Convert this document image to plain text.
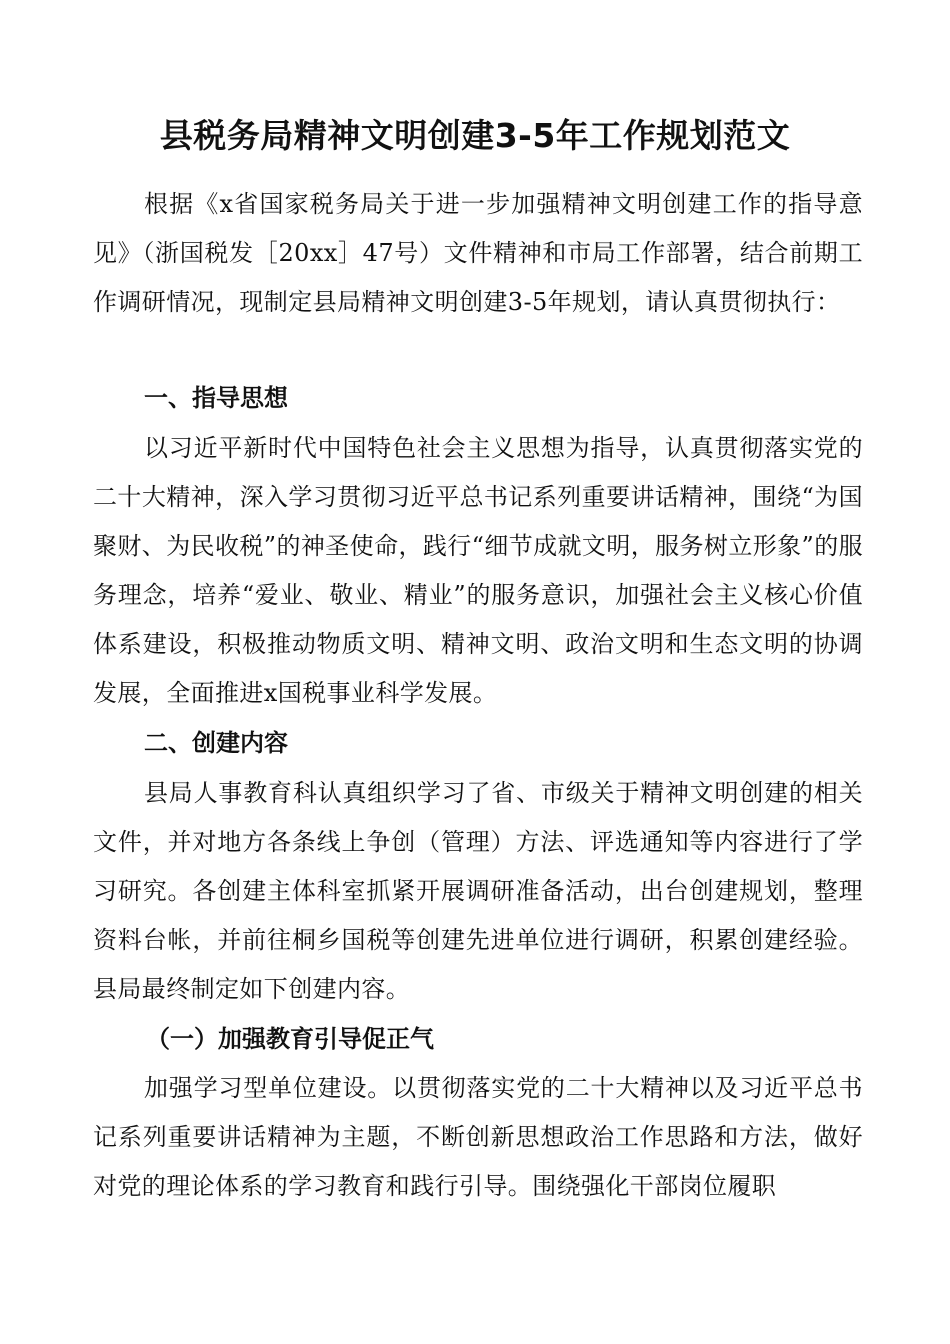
县税务局精神文明创建3-5年工作规划范文

根据《x省国家税务局关于进一步加强精神文明创建工作的指导意见》（浙国税发［20xx］47号）文件精神和市局工作部署，结合前期工作调研情况，现制定县局精神文明创建3-5年规划，请认真贯彻执行：

一、指导思想

以习近平新时代中国特色社会主义思想为指导，认真贯彻落实党的二十大精神，深入学习贯彻习近平总书记系列重要讲话精神，围绕“为国聚财、为民收税”的神圣使命，践行“细节成就文明，服务树立形象”的服务理念，培养“爱业、敬业、精业”的服务意识，加强社会主义核心价值体系建设，积极推动物质文明、精神文明、政治文明和生态文明的协调发展，全面推进x国税事业科学发展。

二、创建内容

县局人事教育科认真组织学习了省、市级关于精神文明创建的相关文件，并对地方各条线上争创（管理）方法、评选通知等内容进行了学习研究。各创建主体科室抓紧开展调研准备活动，出台创建规划，整理资料台帐，并前往桐乡国税等创建先进单位进行调研，积累创建经验。县局最终制定如下创建内容。

（一）加强教育引导促正气

加强学习型单位建设。以贯彻落实党的二十大精神以及习近平总书记系列重要讲话精神为主题，不断创新思想政治工作思路和方法，做好对党的理论体系的学习教育和践行引导。围绕强化干部岗位履职
